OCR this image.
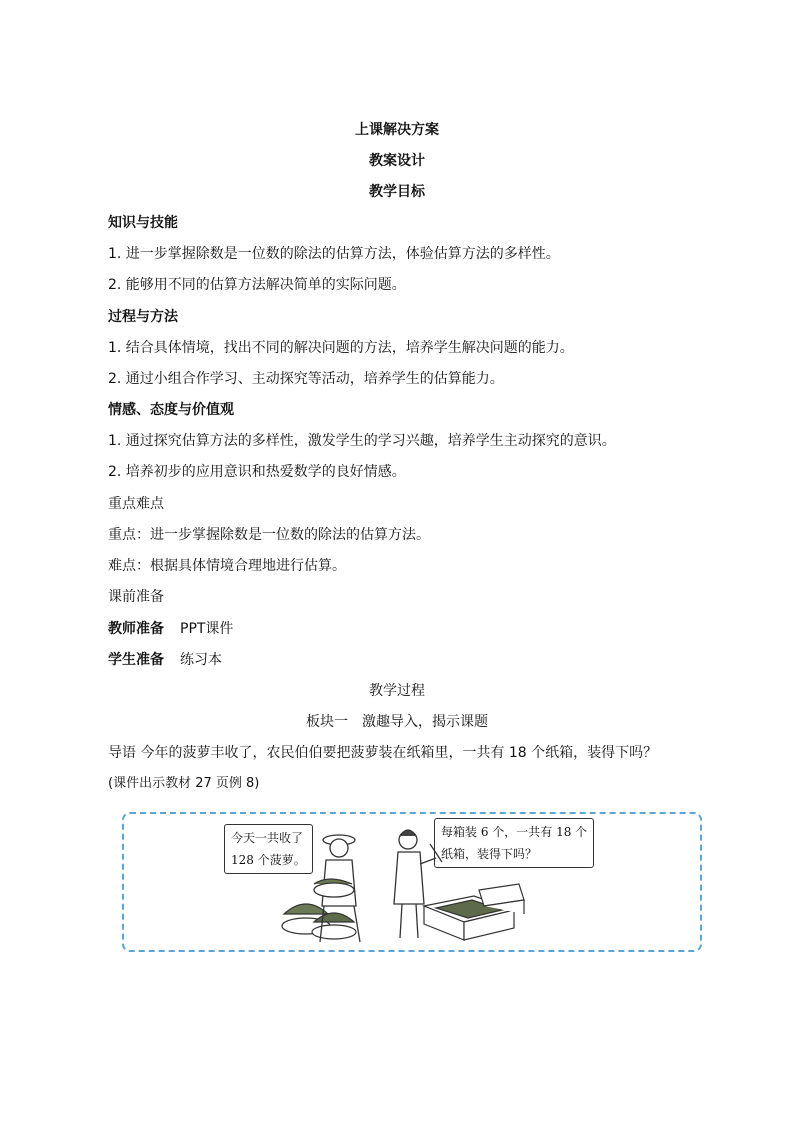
上课解决方案
教案设计
教学目标
知识与技能
1. 进一步掌握除数是一位数的除法的估算方法，体验估算方法的多样性。
2. 能够用不同的估算方法解决简单的实际问题。
过程与方法
1. 结合具体情境，找出不同的解决问题的方法，培养学生解决问题的能力。
2. 通过小组合作学习、主动探究等活动，培养学生的估算能力。
情感、态度与价值观
1. 通过探究估算方法的多样性，激发学生的学习兴趣，培养学生主动探究的意识。
2. 培养初步的应用意识和热爱数学的良好情感。
重点难点
重点：进一步掌握除数是一位数的除法的估算方法。
难点：根据具体情境合理地进行估算。
课前准备
教师准备 PPT课件
学生准备 练习本
教学过程
板块一　激趣导入，揭示课题
导语 今年的菠萝丰收了，农民伯伯要把菠萝装在纸箱里，一共有 18 个纸箱，装得下吗？
(课件出示教材 27 页例 8)
今天一共收了
128 个菠萝。
每箱装 6 个，一共有 18 个
纸箱，装得下吗？
